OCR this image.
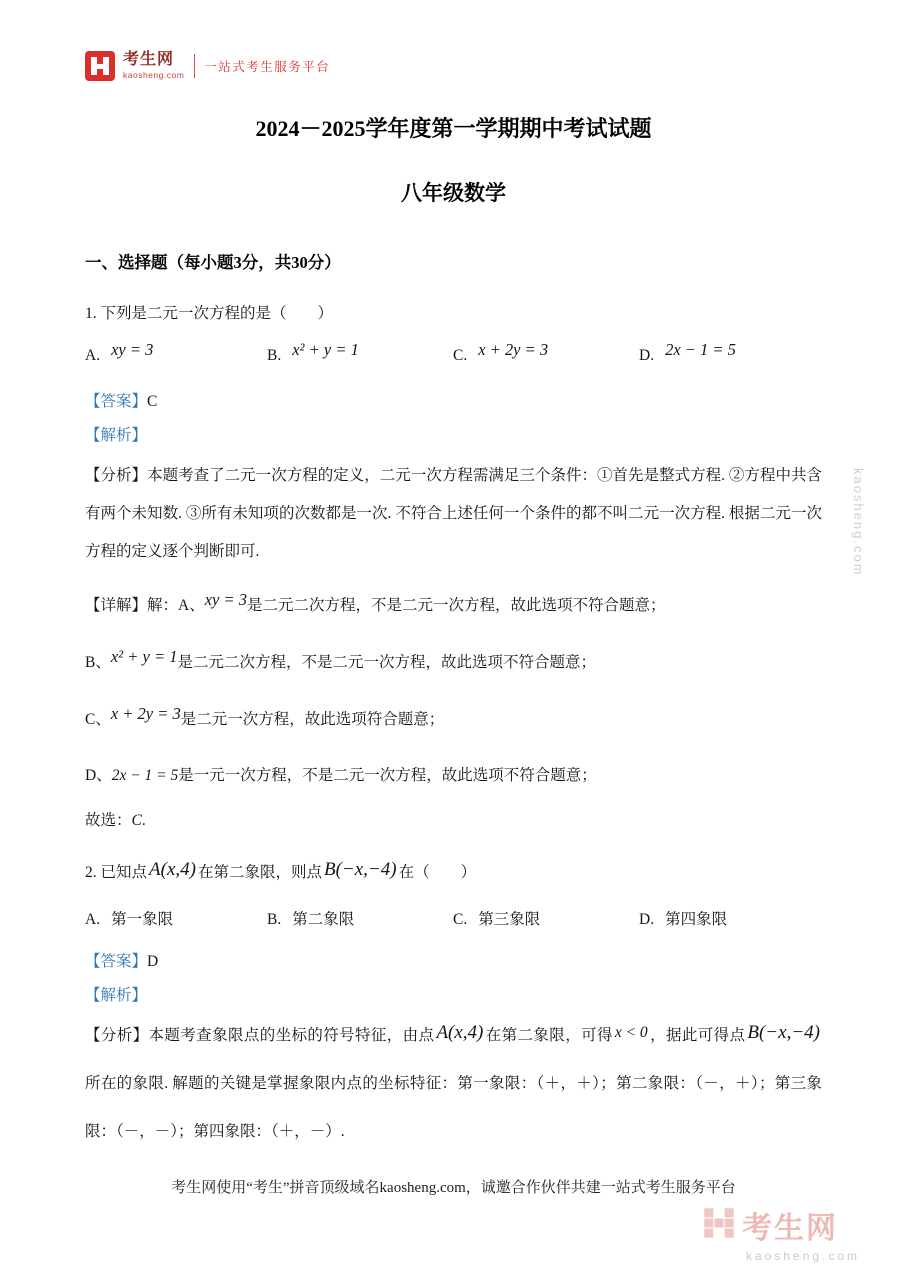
考生网
kaosheng.com
一站式考生服务平台
2024－2025学年度第一学期期中考试试题
八年级数学
一、选择题（每小题3分，共30分）
1. 下列是二元一次方程的是（　　）
A. xy = 3	B. x² + y = 1	C. x + 2y = 3	D. 2x − 1 = 5
【答案】C
【解析】
【分析】本题考查了二元一次方程的定义，二元一次方程需满足三个条件：①首先是整式方程. ②方程中共含有两个未知数. ③所有未知项的次数都是一次. 不符合上述任何一个条件的都不叫二元一次方程. 根据二元一次方程的定义逐个判断即可.
【详解】解：A、xy = 3是二元二次方程，不是二元一次方程，故此选项不符合题意；
B、x² + y = 1是二元二次方程，不是二元一次方程，故此选项不符合题意；
C、x + 2y = 3是二元一次方程，故此选项符合题意；
D、2x − 1 = 5是一元一次方程，不是二元一次方程，故此选项不符合题意；
故选：C.
2. 已知点 A(x,4) 在第二象限，则点 B(−x,−4) 在（　　）
A. 第一象限	B. 第二象限	C. 第三象限	D. 第四象限
【答案】D
【解析】
【分析】本题考查象限点的坐标的符号特征，由点 A(x,4) 在第二象限，可得 x < 0 ，据此可得点 B(−x,−4)所在的象限. 解题的关键是掌握象限内点的坐标特征：第一象限：（＋，＋）；第二象限：（－，＋）；第三象限：（－，－）；第四象限：（＋，－）.
考生网使用“考生”拼音顶级域名kaosheng.com，诚邀合作伙伴共建一站式考生服务平台
kaosheng.com
考生网
kaosheng.com
